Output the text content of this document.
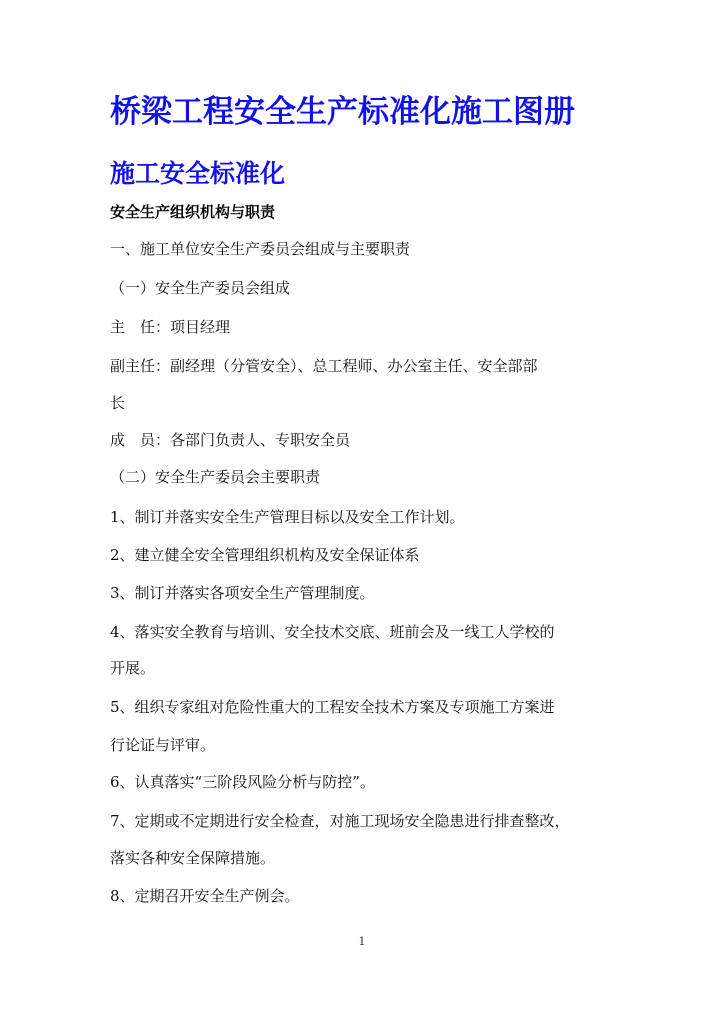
桥梁工程安全生产标准化施工图册
施工安全标准化
安全生产组织机构与职责

一、施工单位安全生产委员会组成与主要职责

（一）安全生产委员会组成

主　任：项目经理

副主任：副经理（分管安全）、总工程师、办公室主任、安全部部

长

成　员：各部门负责人、专职安全员

（二）安全生产委员会主要职责

1、制订并落实安全生产管理目标以及安全工作计划。

2、建立健全安全管理组织机构及安全保证体系

3、制订并落实各项安全生产管理制度。

4、落实安全教育与培训、安全技术交底、班前会及一线工人学校的

开展。

5、组织专家组对危险性重大的工程安全技术方案及专项施工方案进

行论证与评审。

6、认真落实“三阶段风险分析与防控”。

7、定期或不定期进行安全检查，对施工现场安全隐患进行排查整改，

落实各种安全保障措施。

8、定期召开安全生产例会。

1
